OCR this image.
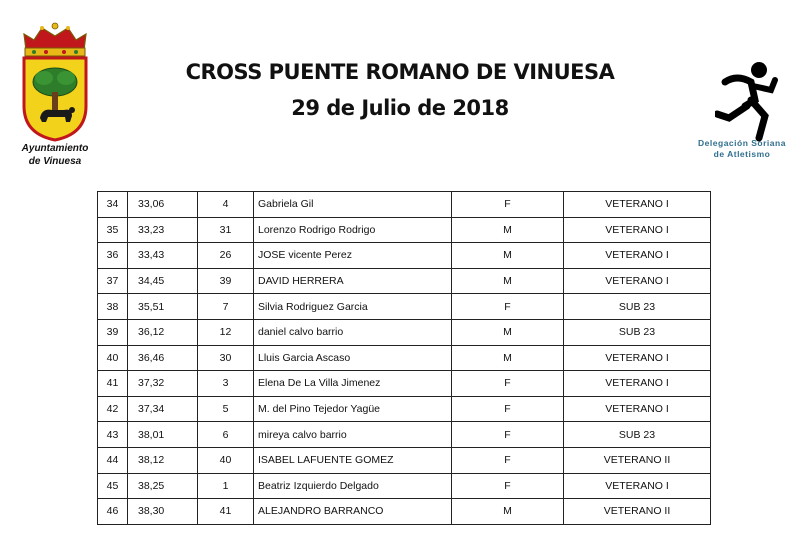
Ayuntamiento
de Vinuesa
CROSS PUENTE ROMANO DE VINUESA
29 de Julio de 2018
Delegación Soriana
de Atletismo
34	33,06	4	Gabriela Gil	F	VETERANO I
35	33,23	31	Lorenzo Rodrigo Rodrigo	M	VETERANO I
36	33,43	26	JOSE vicente Perez	M	VETERANO I
37	34,45	39	DAVID HERRERA	M	VETERANO I
38	35,51	7	Silvia Rodriguez Garcia	F	SUB 23
39	36,12	12	daniel calvo barrio	M	SUB 23
40	36,46	30	Lluis Garcia Ascaso	M	VETERANO I
41	37,32	3	Elena De La Villa Jimenez	F	VETERANO I
42	37,34	5	M. del Pino Tejedor Yagüe	F	VETERANO I
43	38,01	6	mireya calvo barrio	F	SUB 23
44	38,12	40	ISABEL LAFUENTE GOMEZ	F	VETERANO II
45	38,25	1	Beatriz Izquierdo Delgado	F	VETERANO I
46	38,30	41	ALEJANDRO BARRANCO	M	VETERANO II
